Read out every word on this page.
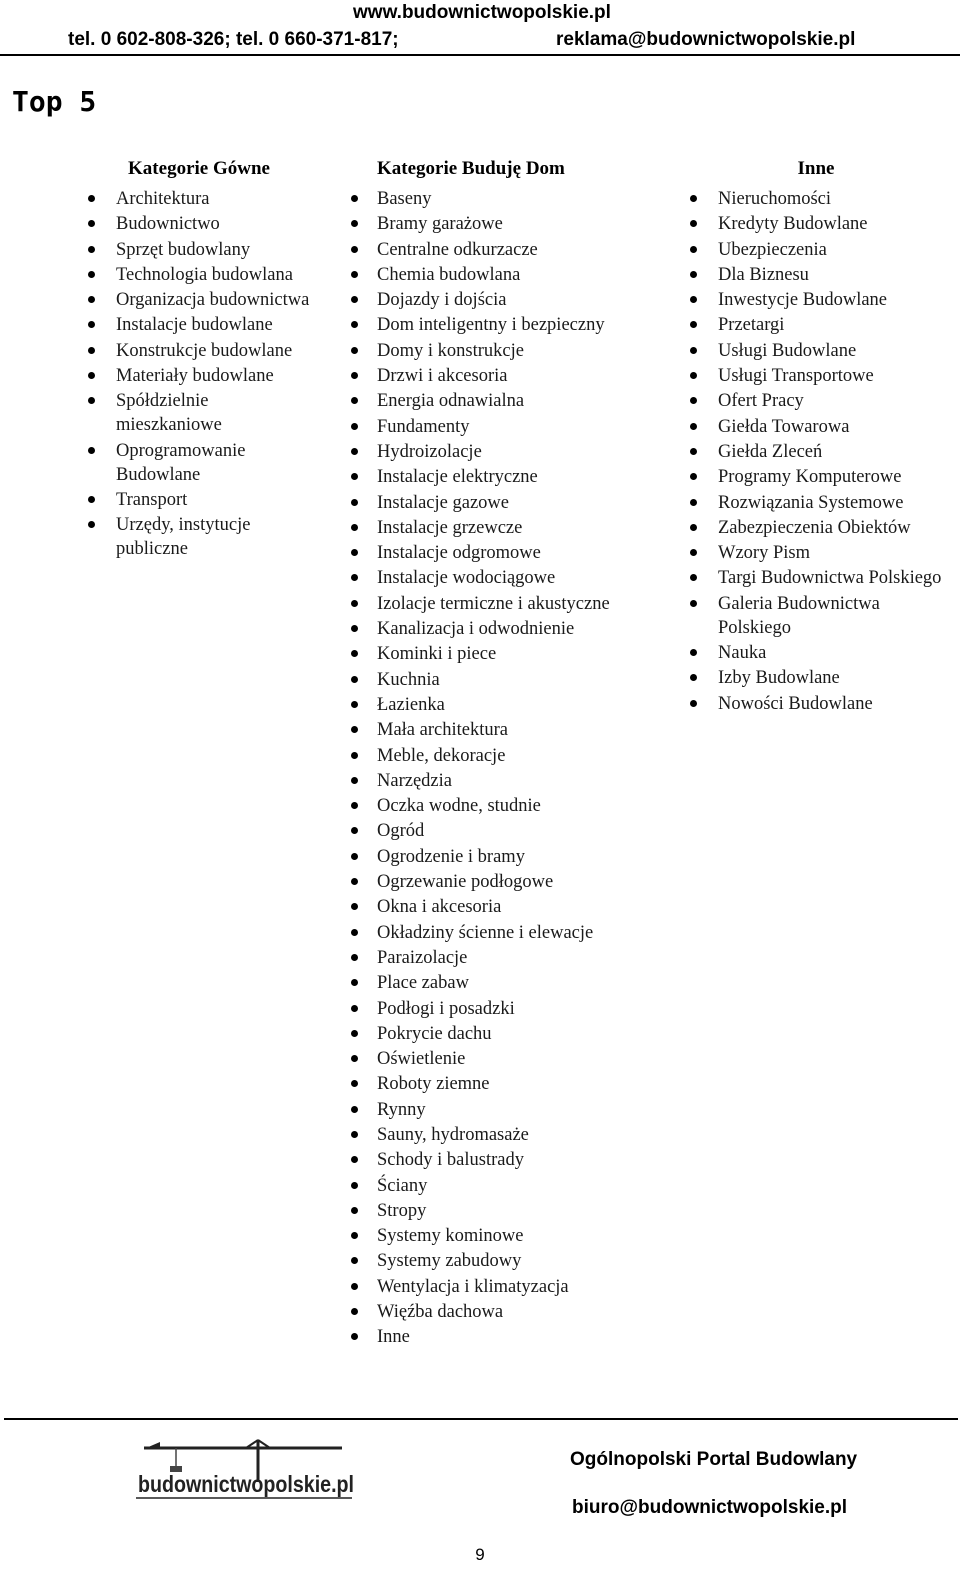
www.budownictwopolskie.pl
tel. 0 602-808-326; tel. 0 660-371-817;	reklama@budownictwopolskie.pl
Top 5
Kategorie Gówne
Architektura
Budownictwo
Sprzęt budowlany
Technologia budowlana
Organizacja budownictwa
Instalacje budowlane
Konstrukcje budowlane
Materiały budowlane
Spółdzielnie mieszkaniowe
Oprogramowanie Budowlane
Transport
Urzędy, instytucje publiczne
Kategorie Buduję Dom
Baseny
Bramy garażowe
Centralne odkurzacze
Chemia budowlana
Dojazdy i dojścia
Dom inteligentny i bezpieczny
Domy i konstrukcje
Drzwi i akcesoria
Energia odnawialna
Fundamenty
Hydroizolacje
Instalacje elektryczne
Instalacje gazowe
Instalacje grzewcze
Instalacje odgromowe
Instalacje wodociągowe
Izolacje termiczne i akustyczne
Kanalizacja i odwodnienie
Kominki i piece
Kuchnia
Łazienka
Mała architektura
Meble, dekoracje
Narzędzia
Oczka wodne, studnie
Ogród
Ogrodzenie i bramy
Ogrzewanie podłogowe
Okna i akcesoria
Okładziny ścienne i elewacje
Paraizolacje
Place zabaw
Podłogi i posadzki
Pokrycie dachu
Oświetlenie
Roboty ziemne
Rynny
Sauny, hydromasaże
Schody i balustrady
Ściany
Stropy
Systemy kominowe
Systemy zabudowy
Wentylacja i klimatyzacja
Więźba dachowa
Inne
Inne
Nieruchomości
Kredyty Budowlane
Ubezpieczenia
Dla Biznesu
Inwestycje Budowlane
Przetargi
Usługi Budowlane
Usługi Transportowe
Ofert Pracy
Giełda Towarowa
Giełda Zleceń
Programy Komputerowe
Rozwiązania Systemowe
Zabezpieczenia Obiektów
Wzory Pism
Targi Budownictwa Polskiego
Galeria Budownictwa Polskiego
Nauka
Izby Budowlane
Nowości Budowlane
budownictwopolskie.pl
Ogólnopolski Portal Budowlany
biuro@budownictwopolskie.pl
9
